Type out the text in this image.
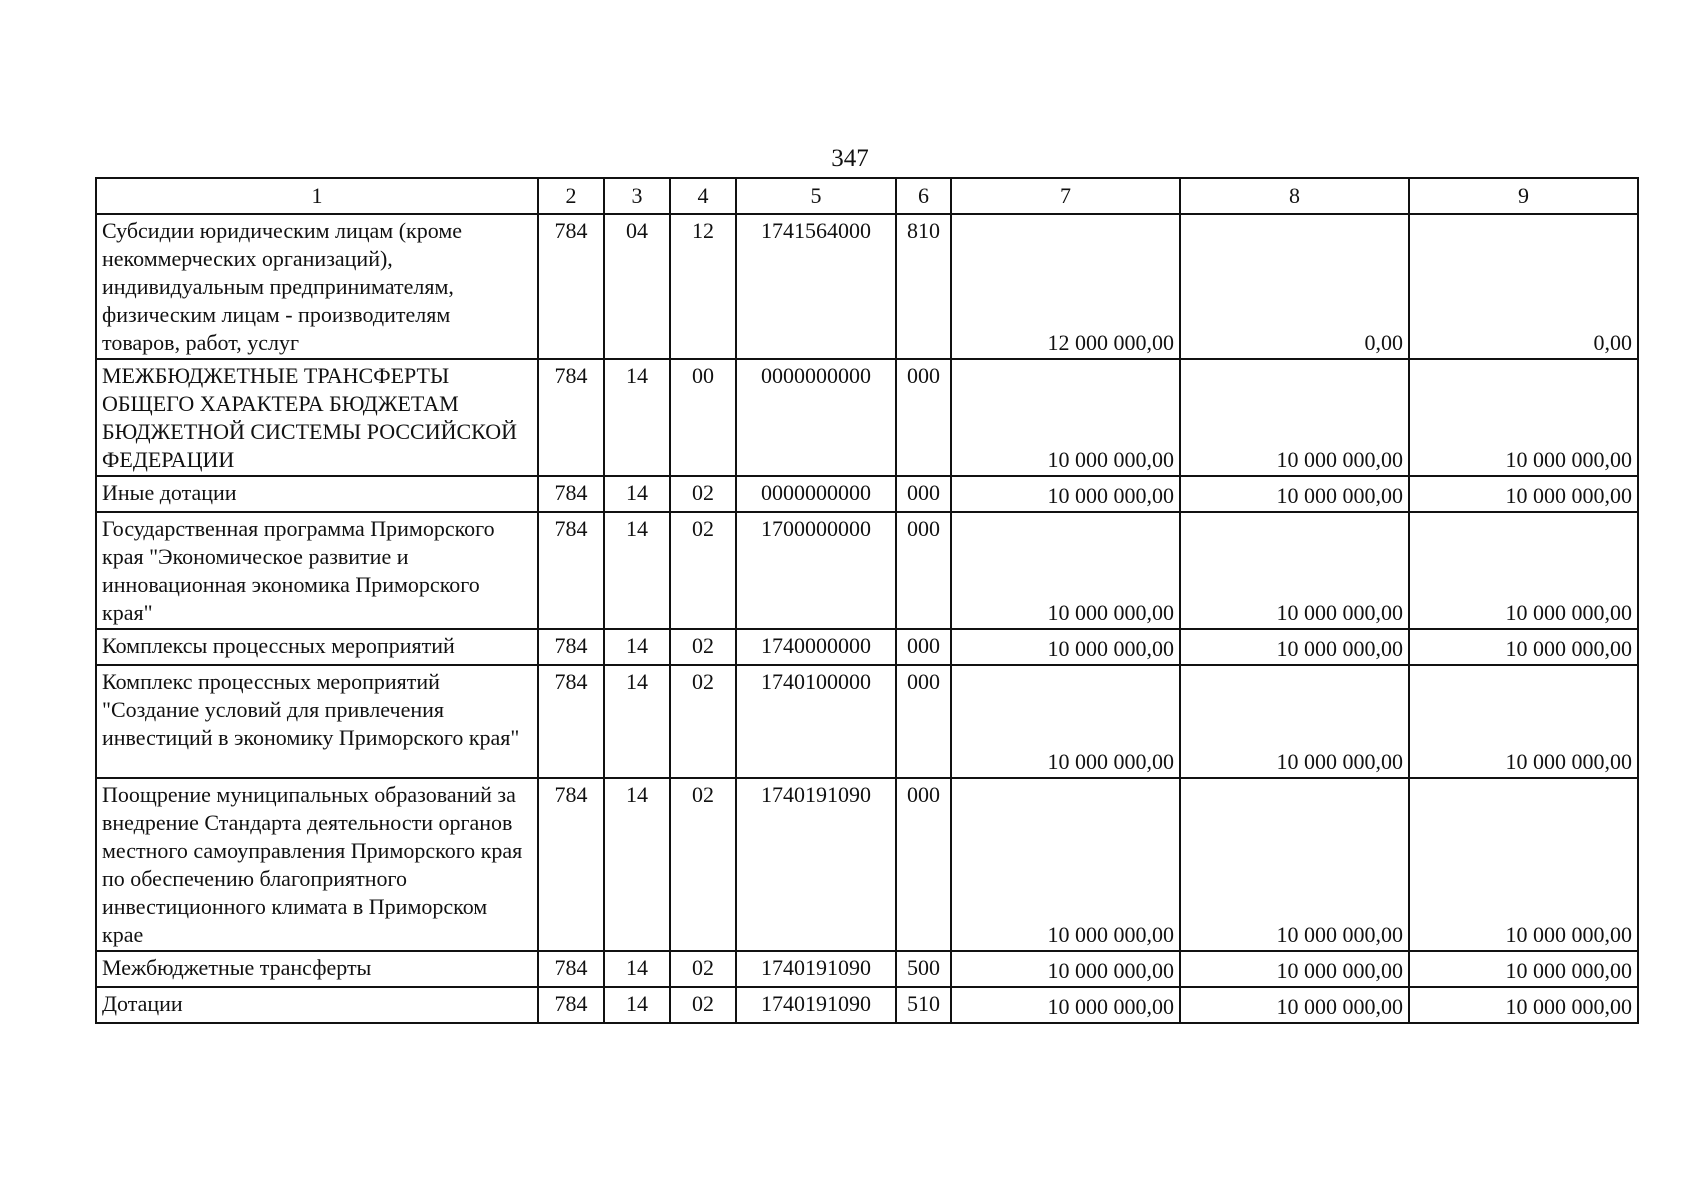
347
1	2	3	4	5	6	7	8	9
Субсидии юридическим лицам (кроме некоммерческих организаций), индивидуальным предпринимателям, физическим лицам - производителям товаров, работ, услуг	784	04	12	1741564000	810	12 000 000,00	0,00	0,00
МЕЖБЮДЖЕТНЫЕ ТРАНСФЕРТЫ ОБЩЕГО ХАРАКТЕРА БЮДЖЕТАМ БЮДЖЕТНОЙ СИСТЕМЫ РОССИЙСКОЙ ФЕДЕРАЦИИ	784	14	00	0000000000	000	10 000 000,00	10 000 000,00	10 000 000,00
Иные дотации	784	14	02	0000000000	000	10 000 000,00	10 000 000,00	10 000 000,00
Государственная программа Приморского края "Экономическое развитие и инновационная экономика Приморского края"	784	14	02	1700000000	000	10 000 000,00	10 000 000,00	10 000 000,00
Комплексы процессных мероприятий	784	14	02	1740000000	000	10 000 000,00	10 000 000,00	10 000 000,00
Комплекс процессных мероприятий "Создание условий для привлечения инвестиций в экономику Приморского края"	784	14	02	1740100000	000	10 000 000,00	10 000 000,00	10 000 000,00
Поощрение муниципальных образований за внедрение Стандарта деятельности органов местного самоуправления Приморского края по обеспечению благоприятного инвестиционного климата в Приморском крае	784	14	02	1740191090	000	10 000 000,00	10 000 000,00	10 000 000,00
Межбюджетные трансферты	784	14	02	1740191090	500	10 000 000,00	10 000 000,00	10 000 000,00
Дотации	784	14	02	1740191090	510	10 000 000,00	10 000 000,00	10 000 000,00
